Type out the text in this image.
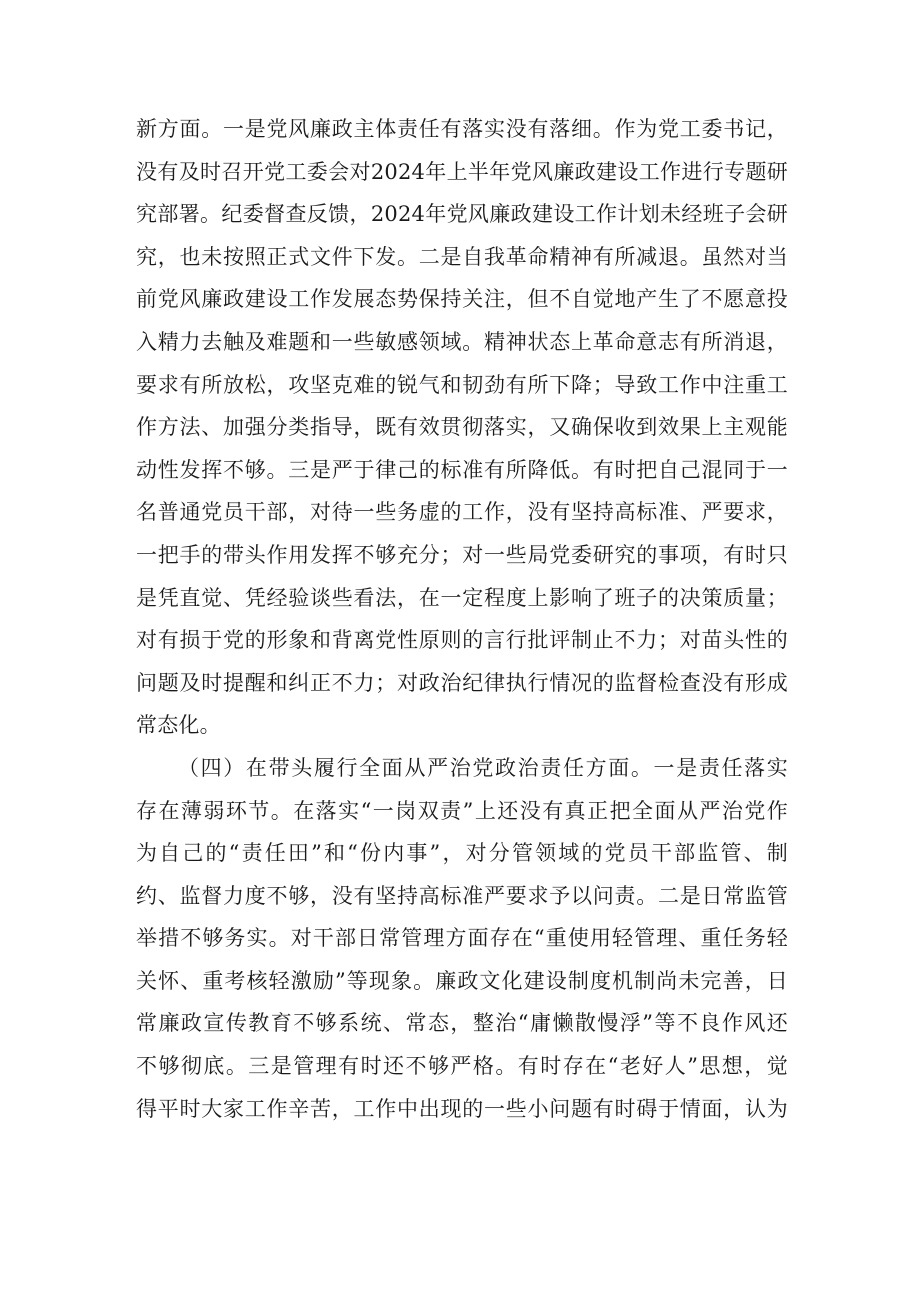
新方面。一是党风廉政主体责任有落实没有落细。作为党工委书记，
没有及时召开党工委会对2024年上半年党风廉政建设工作进行专题研
究部署。纪委督查反馈，2024年党风廉政建设工作计划未经班子会研
究，也未按照正式文件下发。二是自我革命精神有所减退。虽然对当
前党风廉政建设工作发展态势保持关注，但不自觉地产生了不愿意投
入精力去触及难题和一些敏感领域。精神状态上革命意志有所消退，
要求有所放松，攻坚克难的锐气和韧劲有所下降；导致工作中注重工
作方法、加强分类指导，既有效贯彻落实，又确保收到效果上主观能
动性发挥不够。三是严于律己的标准有所降低。有时把自己混同于一
名普通党员干部，对待一些务虚的工作，没有坚持高标准、严要求，
一把手的带头作用发挥不够充分；对一些局党委研究的事项，有时只
是凭直觉、凭经验谈些看法，在一定程度上影响了班子的决策质量；
对有损于党的形象和背离党性原则的言行批评制止不力；对苗头性的
问题及时提醒和纠正不力；对政治纪律执行情况的监督检查没有形成
常态化。
（四）在带头履行全面从严治党政治责任方面。一是责任落实
存在薄弱环节。在落实“一岗双责”上还没有真正把全面从严治党作
为自己的“责任田”和“份内事”，对分管领域的党员干部监管、制
约、监督力度不够，没有坚持高标准严要求予以问责。二是日常监管
举措不够务实。对干部日常管理方面存在“重使用轻管理、重任务轻
关怀、重考核轻激励”等现象。廉政文化建设制度机制尚未完善，日
常廉政宣传教育不够系统、常态，整治“庸懒散慢浮”等不良作风还
不够彻底。三是管理有时还不够严格。有时存在“老好人”思想，觉
得平时大家工作辛苦，工作中出现的一些小问题有时碍于情面，认为
